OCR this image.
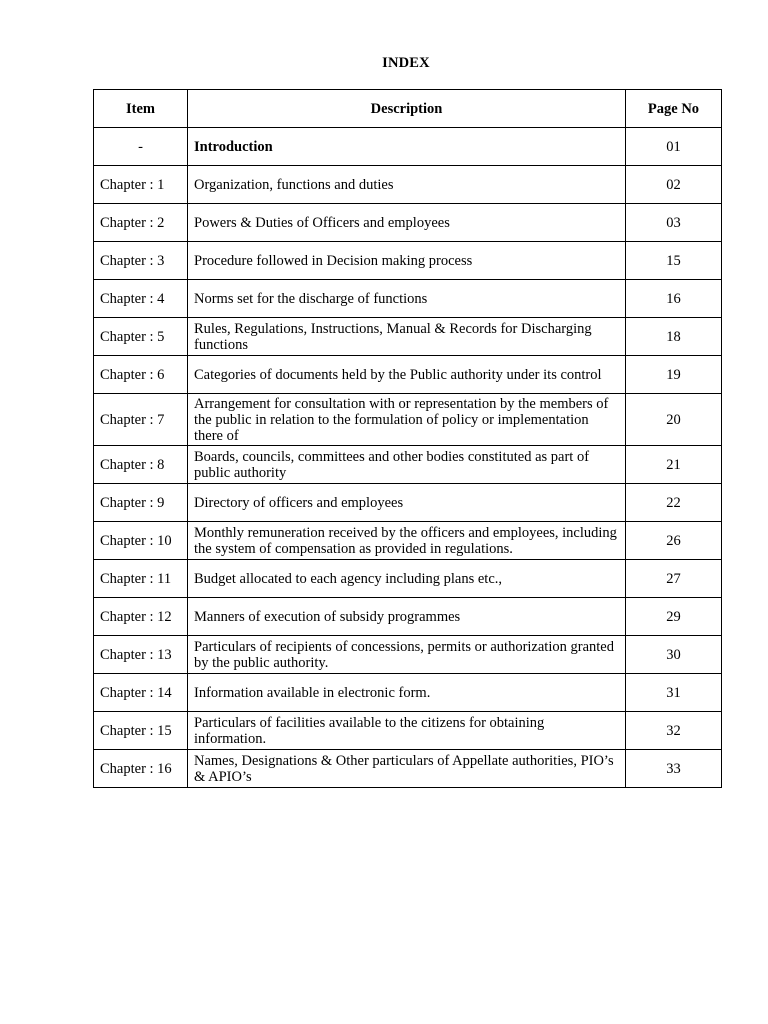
INDEX
Item	Description	Page No
-	Introduction	01
Chapter : 1	Organization, functions and duties	02
Chapter : 2	Powers & Duties of Officers and employees	03
Chapter : 3	Procedure followed in Decision making process	15
Chapter : 4	Norms set for the discharge of functions	16
Chapter : 5	Rules, Regulations, Instructions, Manual & Records for Discharging functions	18
Chapter : 6	Categories of documents held by the Public authority under its control	19
Chapter : 7	Arrangement for consultation with or representation by the members of the public in relation to the formulation of policy or implementation there of	20
Chapter : 8	Boards, councils, committees and other bodies constituted as part of public authority	21
Chapter : 9	Directory of officers and employees	22
Chapter : 10	Monthly remuneration received by the officers and employees, including the system of compensation as provided in regulations.	26
Chapter : 11	Budget allocated to each agency including plans etc.,	27
Chapter : 12	Manners of execution of subsidy programmes	29
Chapter : 13	Particulars of recipients of concessions, permits or authorization granted by the public authority.	30
Chapter : 14	Information available in electronic form.	31
Chapter : 15	Particulars of facilities available to the citizens for obtaining information.	32
Chapter : 16	Names, Designations & Other particulars of Appellate authorities, PIO’s & APIO’s	33
